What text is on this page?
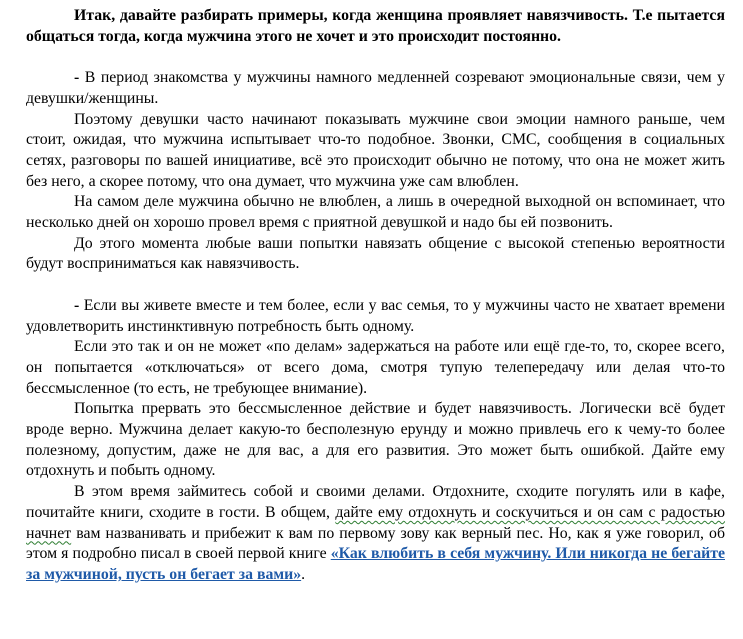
Итак, давайте разбирать примеры, когда женщина проявляет навязчивость. Т.е пытается общаться тогда, когда мужчина этого не хочет и это происходит постоянно.

- В период знакомства у мужчины намного медленней созревают эмоциональные связи, чем у девушки/женщины.

Поэтому девушки часто начинают показывать мужчине свои эмоции намного раньше, чем стоит, ожидая, что мужчина испытывает что-то подобное. Звонки, СМС, сообщения в социальных сетях, разговоры по вашей инициативе, всё это происходит обычно не потому, что она не может жить без него, а скорее потому, что она думает, что мужчина уже сам влюблен.

На самом деле мужчина обычно не влюблен, а лишь в очередной выходной он вспоминает, что несколько дней он хорошо провел время с приятной девушкой и надо бы ей позвонить.

До этого момента любые ваши попытки навязать общение с высокой степенью вероятности будут восприниматься как навязчивость.

- Если вы живете вместе и тем более, если у вас семья, то у мужчины часто не хватает времени удовлетворить инстинктивную потребность быть одному.

Если это так и он не может «по делам» задержаться на работе или ещё где-то, то, скорее всего, он попытается «отключаться» от всего дома, смотря тупую телепередачу или делая что-то бессмысленное (то есть, не требующее внимание).

Попытка прервать это бессмысленное действие и будет навязчивость. Логически всё будет вроде верно. Мужчина делает какую-то бесполезную ерунду и можно привлечь его к чему-то более полезному, допустим, даже не для вас, а для его развития. Это может быть ошибкой. Дайте ему отдохнуть и побыть одному.

В этом время займитесь собой и своими делами. Отдохните, сходите погулять или в кафе, почитайте книги, сходите в гости. В общем, дайте ему отдохнуть и соскучиться и он сам с радостью начнет вам названивать и прибежит к вам по первому зову как верный пес. Но, как я уже говорил, об этом я подробно писал в своей первой книге «Как влюбить в себя мужчину. Или никогда не бегайте за мужчиной, пусть он бегает за вами».
